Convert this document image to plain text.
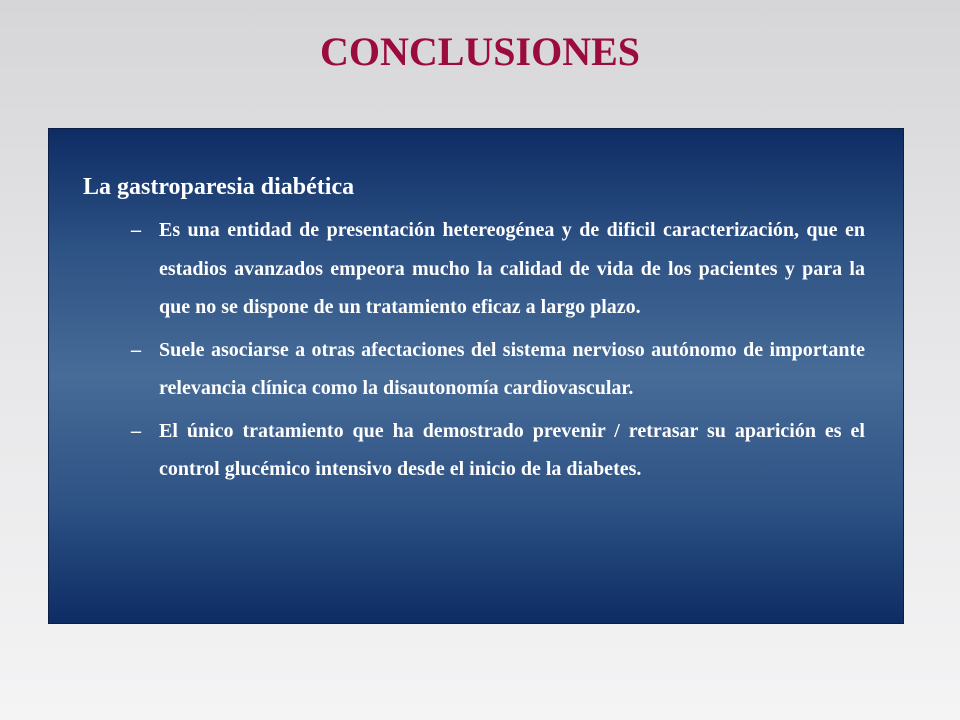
CONCLUSIONES
La gastroparesia diabética
– Es una entidad de presentación hetereogénea y de dificil caracterización, que en estadios avanzados empeora mucho la calidad de vida de los pacientes y para la que no se dispone de un tratamiento eficaz a largo plazo.
– Suele asociarse a otras afectaciones del sistema nervioso autónomo de importante relevancia clínica como la disautonomía cardiovascular.
– El único tratamiento que ha demostrado prevenir / retrasar su aparición es el control glucémico intensivo desde el inicio de la diabetes.
